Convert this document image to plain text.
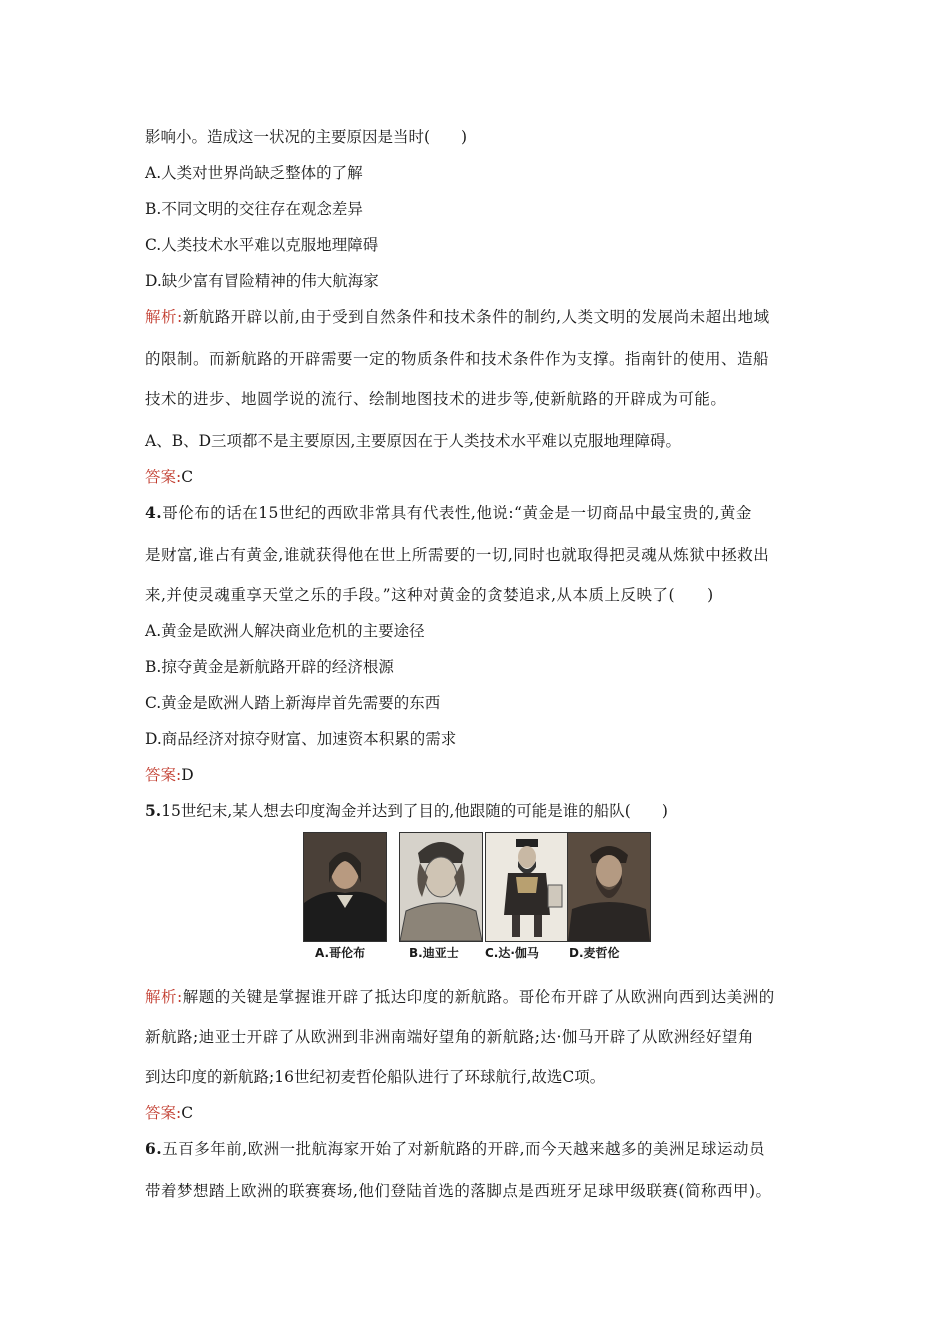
影响小。造成这一状况的主要原因是当时(　　)
A.人类对世界尚缺乏整体的了解
B.不同文明的交往存在观念差异
C.人类技术水平难以克服地理障碍
D.缺少富有冒险精神的伟大航海家
解析:新航路开辟以前,由于受到自然条件和技术条件的制约,人类文明的发展尚未超出地域
的限制。而新航路的开辟需要一定的物质条件和技术条件作为支撑。指南针的使用、造船
技术的进步、地圆学说的流行、绘制地图技术的进步等,使新航路的开辟成为可能。
A、B、D三项都不是主要原因,主要原因在于人类技术水平难以克服地理障碍。
答案:C
4.哥伦布的话在15世纪的西欧非常具有代表性,他说:“黄金是一切商品中最宝贵的,黄金
是财富,谁占有黄金,谁就获得他在世上所需要的一切,同时也就取得把灵魂从炼狱中拯救出
来,并使灵魂重享天堂之乐的手段。”这种对黄金的贪婪追求,从本质上反映了(　　)
A.黄金是欧洲人解决商业危机的主要途径
B.掠夺黄金是新航路开辟的经济根源
C.黄金是欧洲人踏上新海岸首先需要的东西
D.商品经济对掠夺财富、加速资本积累的需求
答案:D
5.15世纪末,某人想去印度淘金并达到了目的,他跟随的可能是谁的船队(　　)
A.哥伦布	B.迪亚士 C.达·伽马	D.麦哲伦
解析:解题的关键是掌握谁开辟了抵达印度的新航路。哥伦布开辟了从欧洲向西到达美洲的
新航路;迪亚士开辟了从欧洲到非洲南端好望角的新航路;达·伽马开辟了从欧洲经好望角
到达印度的新航路;16世纪初麦哲伦船队进行了环球航行,故选C项。
答案:C
6.五百多年前,欧洲一批航海家开始了对新航路的开辟,而今天越来越多的美洲足球运动员
带着梦想踏上欧洲的联赛赛场,他们登陆首选的落脚点是西班牙足球甲级联赛(简称西甲)。
